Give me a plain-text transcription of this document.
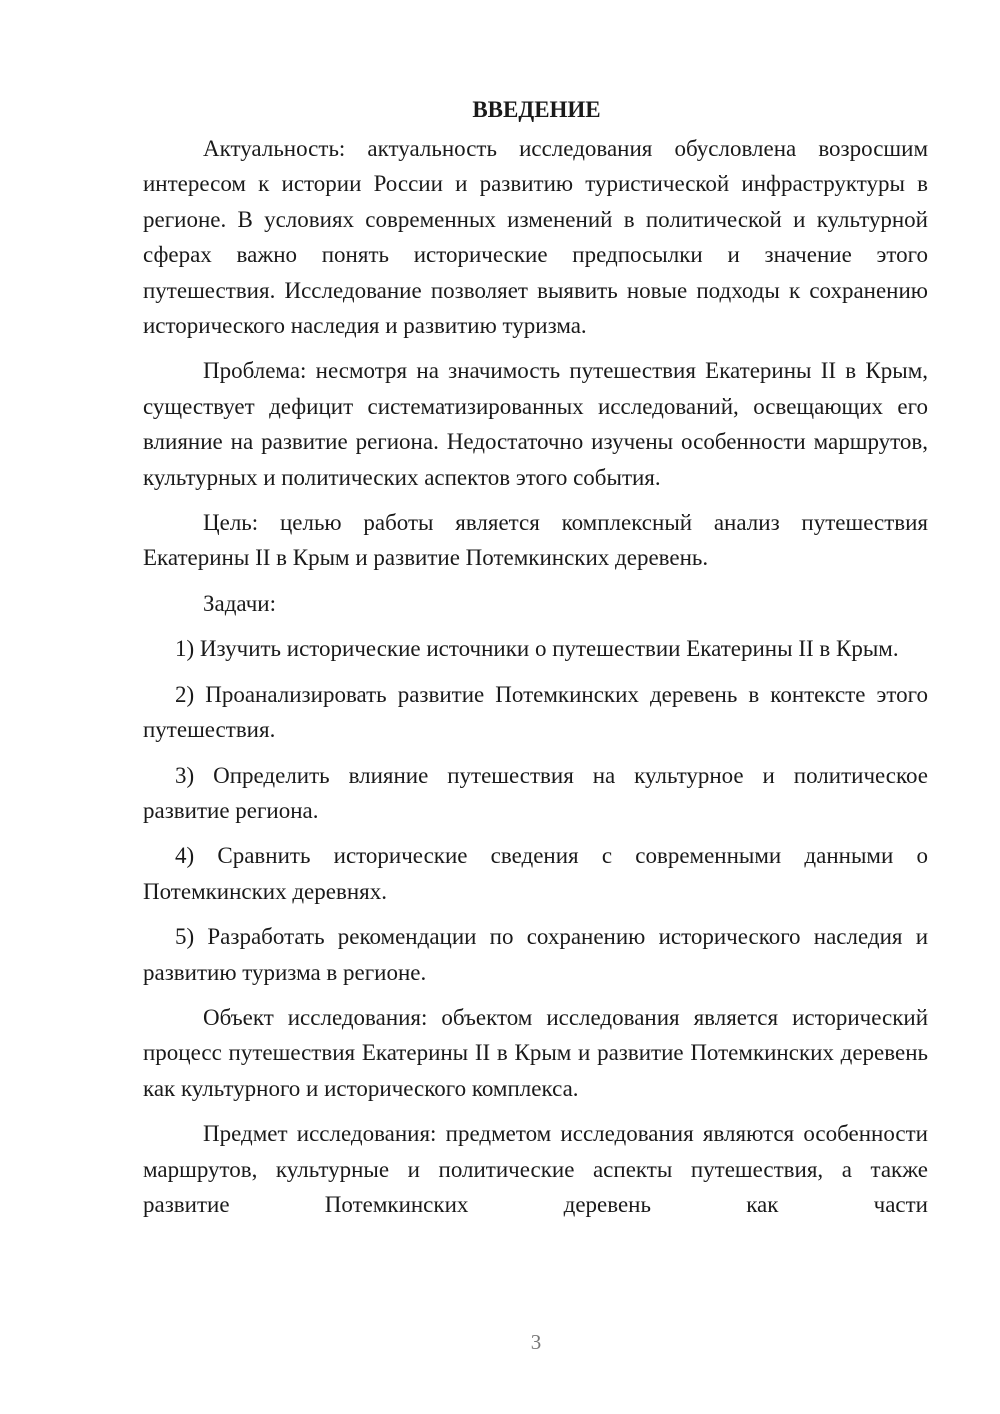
ВВЕДЕНИЕ

Актуальность: актуальность исследования обусловлена возросшим интересом к истории России и развитию туристической инфраструктуры в регионе. В условиях современных изменений в политической и культурной сферах важно понять исторические предпосылки и значение этого путешествия. Исследование позволяет выявить новые подходы к сохранению исторического наследия и развитию туризма.

Проблема: несмотря на значимость путешествия Екатерины II в Крым, существует дефицит систематизированных исследований, освещающих его влияние на развитие региона. Недостаточно изучены особенности маршрутов, культурных и политических аспектов этого события.

Цель: целью работы является комплексный анализ путешествия Екатерины II в Крым и развитие Потемкинских деревень.

Задачи:

1) Изучить исторические источники о путешествии Екатерины II в Крым.

2) Проанализировать развитие Потемкинских деревень в контексте этого путешествия.

3) Определить влияние путешествия на культурное и политическое развитие региона.

4) Сравнить исторические сведения с современными данными о Потемкинских деревнях.

5) Разработать рекомендации по сохранению исторического наследия и развитию туризма в регионе.

Объект исследования: объектом исследования является исторический процесс путешествия Екатерины II в Крым и развитие Потемкинских деревень как культурного и исторического комплекса.

Предмет исследования: предметом исследования являются особенности маршрутов, культурные и политические аспекты путешествия, а также развитие Потемкинских деревень как части

3
